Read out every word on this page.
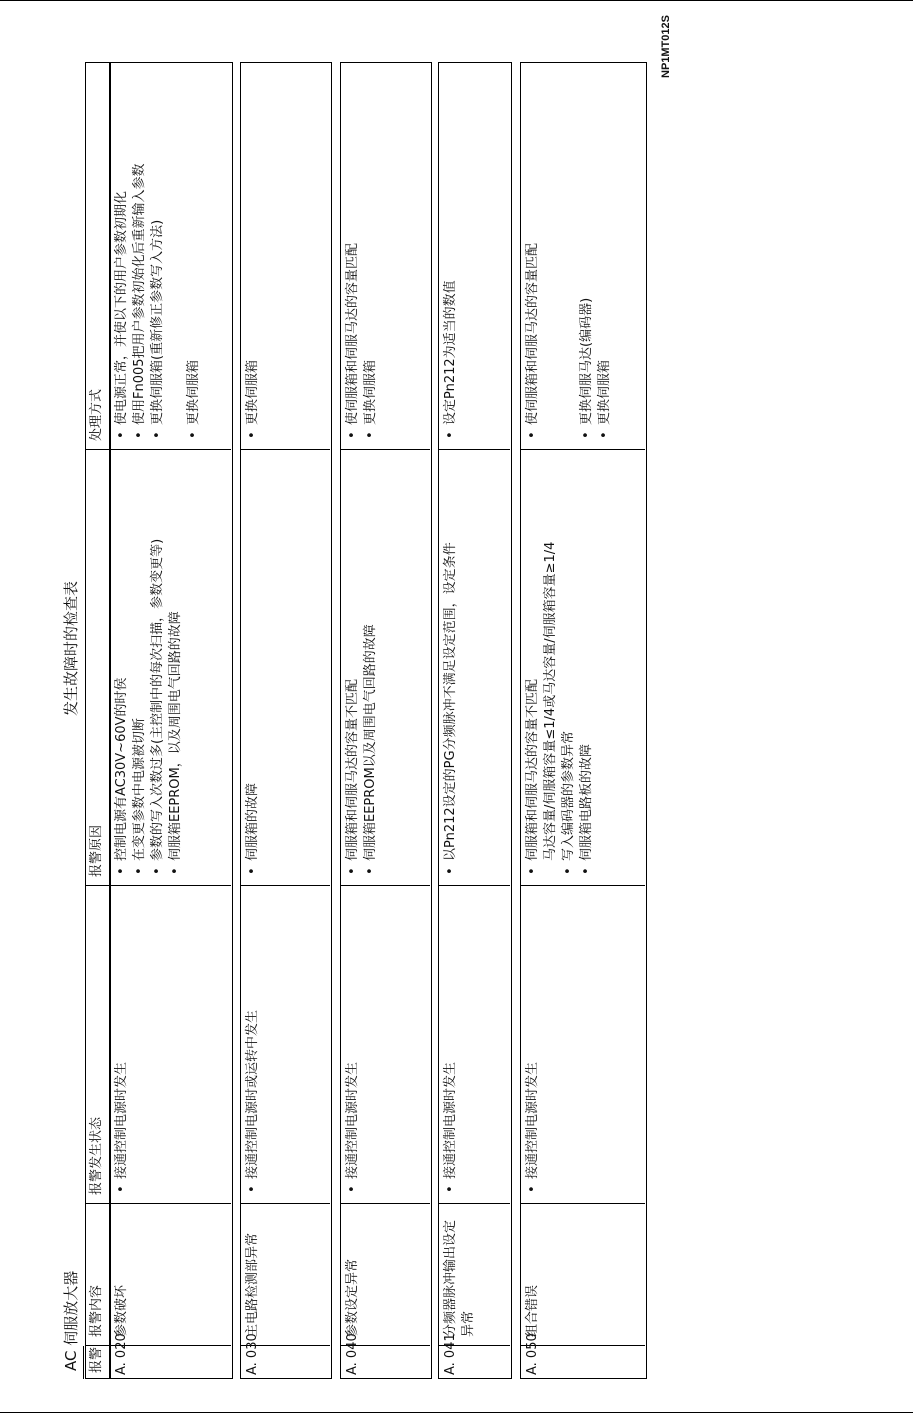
AC 伺服放大器
发生故障时的检查表
NP1MT012S
报警
报警内容
报警发生状态
报警原因
处理方式
A. 020
参数破坏
• 接通控制电源时发生
• 控制电源有AC30V~60V的时侯 • 在变更参数中电源被切断 • 参数的写入次数过多(主控制中的每次扫描，参数变更等) • 伺服箱EEPROM，以及周围电气回路的故障
• 使电源正常，并使以下的用户参数初期化 • 使用Fn005把用户参数初始化后重新输入参数 • 更换伺服箱(重新修正参数写入方法) • 更换伺服箱
A. 030
主电路检测部异常
• 接通控制电源时或运转中发生
• 伺服箱的故障
• 更换伺服箱
A. 040
参数设定异常
• 接通控制电源时发生
• 伺服箱和伺服马达的容量不匹配 • 伺服箱EEPROM以及周围电气回路的故障
• 使伺服箱和伺服马达的容量匹配 • 更换伺服箱
A. 041
分频器脉冲输出设定异常
• 接通控制电源时发生
• 以Pn212设定的PG分频脉冲不满足设定范围，设定条件
• 设定Pn212为适当的数值
A. 050
组合错误
• 接通控制电源时发生
• 伺服箱和伺服马达的容量不匹配 马达容量/伺服箱容量≤1/4或马达容量/伺服箱容量≥1/4 • 写入编码器的参数异常 • 伺服箱电路板的故障
• 使伺服箱和伺服马达的容量匹配	• 更换伺服马达(编码器) • 更换伺服箱
